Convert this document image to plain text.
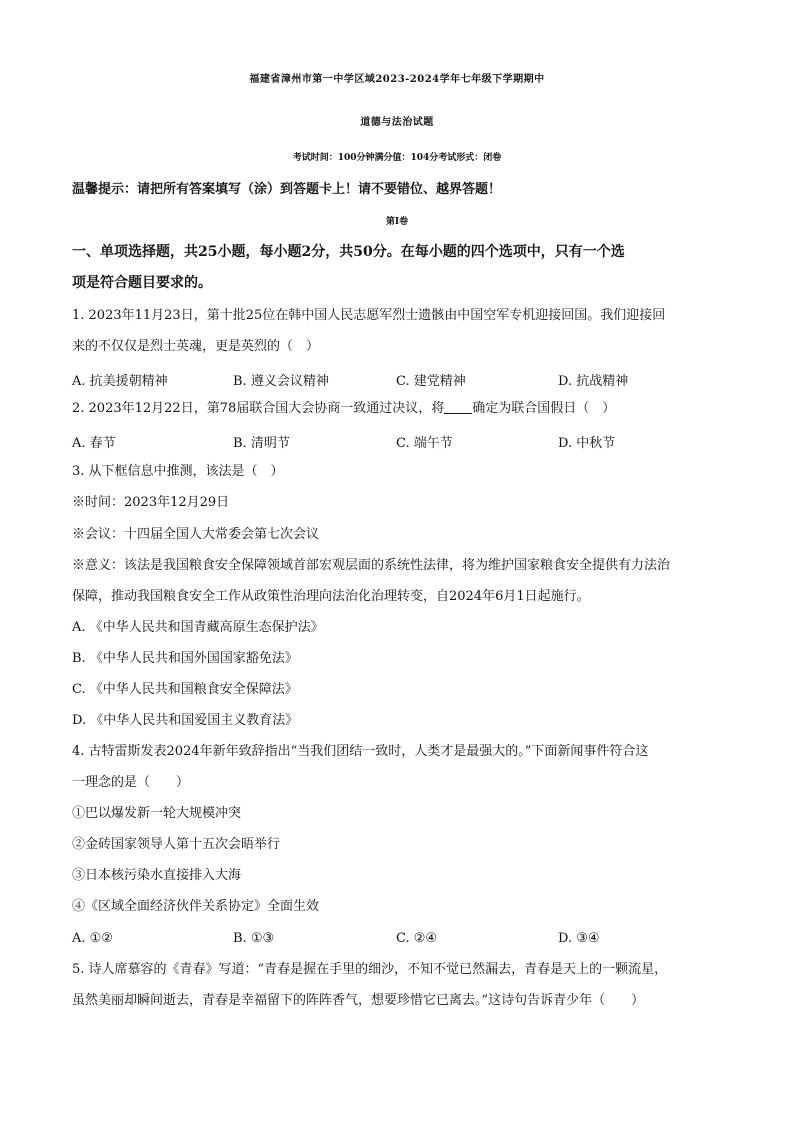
福建省漳州市第一中学区域2023-2024学年七年级下学期期中
道德与法治试题
考试时间：100分钟满分值：104分考试形式：闭卷
温馨提示：请把所有答案填写（涂）到答题卡上！请不要错位、越界答题！
第I卷
一、单项选择题，共25小题，每小题2分，共50分。在每小题的四个选项中，只有一个选
项是符合题目要求的。
1. 2023年11月23日，第十批25位在韩中国人民志愿军烈士遗骸由中国空军专机迎接回国。我们迎接回
来的不仅仅是烈士英魂，更是英烈的（　）
A. 抗美援朝精神	B. 遵义会议精神	C. 建党精神	D. 抗战精神
2. 2023年12月22日，第78届联合国大会协商一致通过决议，将 确定为联合国假日（　）
A. 春节	B. 清明节	C. 端午节	D. 中秋节
3. 从下框信息中推测，该法是（　）
※时间：2023年12月29日
※会议：十四届全国人大常委会第七次会议
※意义：该法是我国粮食安全保障领域首部宏观层面的系统性法律，将为维护国家粮食安全提供有力法治
保障，推动我国粮食安全工作从政策性治理向法治化治理转变，自2024年6月1日起施行。
A. 《中华人民共和国青藏高原生态保护法》
B. 《中华人民共和国外国国家豁免法》
C. 《中华人民共和国粮食安全保障法》
D. 《中华人民共和国爱国主义教育法》
4. 古特雷斯发表2024年新年致辞指出“当我们团结一致时，人类才是最强大的。”下面新闻事件符合这
一理念的是（　　）
①巴以爆发新一轮大规模冲突
②金砖国家领导人第十五次会晤举行
③日本核污染水直接排入大海
④《区域全面经济伙伴关系协定》全面生效
A. ①②	B. ①③	C. ②④	D. ③④
5. 诗人席慕容的《青春》写道：“青春是握在手里的细沙，不知不觉已然漏去，青春是天上的一颗流星，
虽然美丽却瞬间逝去，青春是幸福留下的阵阵香气，想要珍惜它已离去。”这诗句告诉青少年（　　）
